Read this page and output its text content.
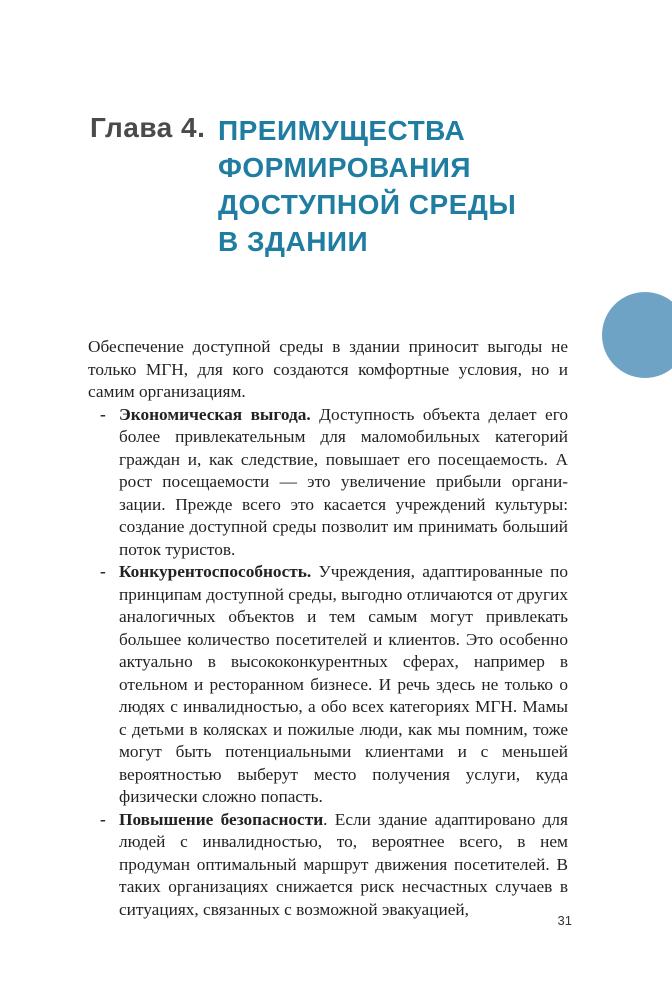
Глава 4. ПРЕИМУЩЕСТВА
ФОРМИРОВАНИЯ
ДОСТУПНОЙ СРЕДЫ
В ЗДАНИИ

Обеспечение доступной среды в здании приносит выгоды не только МГН, для кого создаются комфортные условия, но и самим организациям.

- Экономическая выгода. Доступность объекта делает его более привлекательным для маломобильных категорий граждан и, как следствие, повышает его посещаемость. А рост посещаемости — это увеличение прибыли организации. Прежде всего это касается учреждений культуры: создание доступной среды позволит им принимать больший поток туристов.
- Конкурентоспособность. Учреждения, адаптированные по принципам доступной среды, выгодно отличаются от других аналогичных объектов и тем самым могут привлекать большее количество посетителей и клиентов. Это особенно актуально в высококонкурентных сферах, например в отельном и ресторанном бизнесе. И речь здесь не только о людях с инвалидностью, а обо всех категориях МГН. Мамы с детьми в колясках и пожилые люди, как мы помним, тоже могут быть потенциальными клиентами и с меньшей вероятностью выберут место получения услуги, куда физически сложно попасть.
- Повышение безопасности. Если здание адаптировано для людей с инвалидностью, то, вероятнее всего, в нем продуман оптимальный маршрут движения посетителей. В таких организациях снижается риск несчастных случаев в ситуациях, связанных с возможной эвакуацией,
31
